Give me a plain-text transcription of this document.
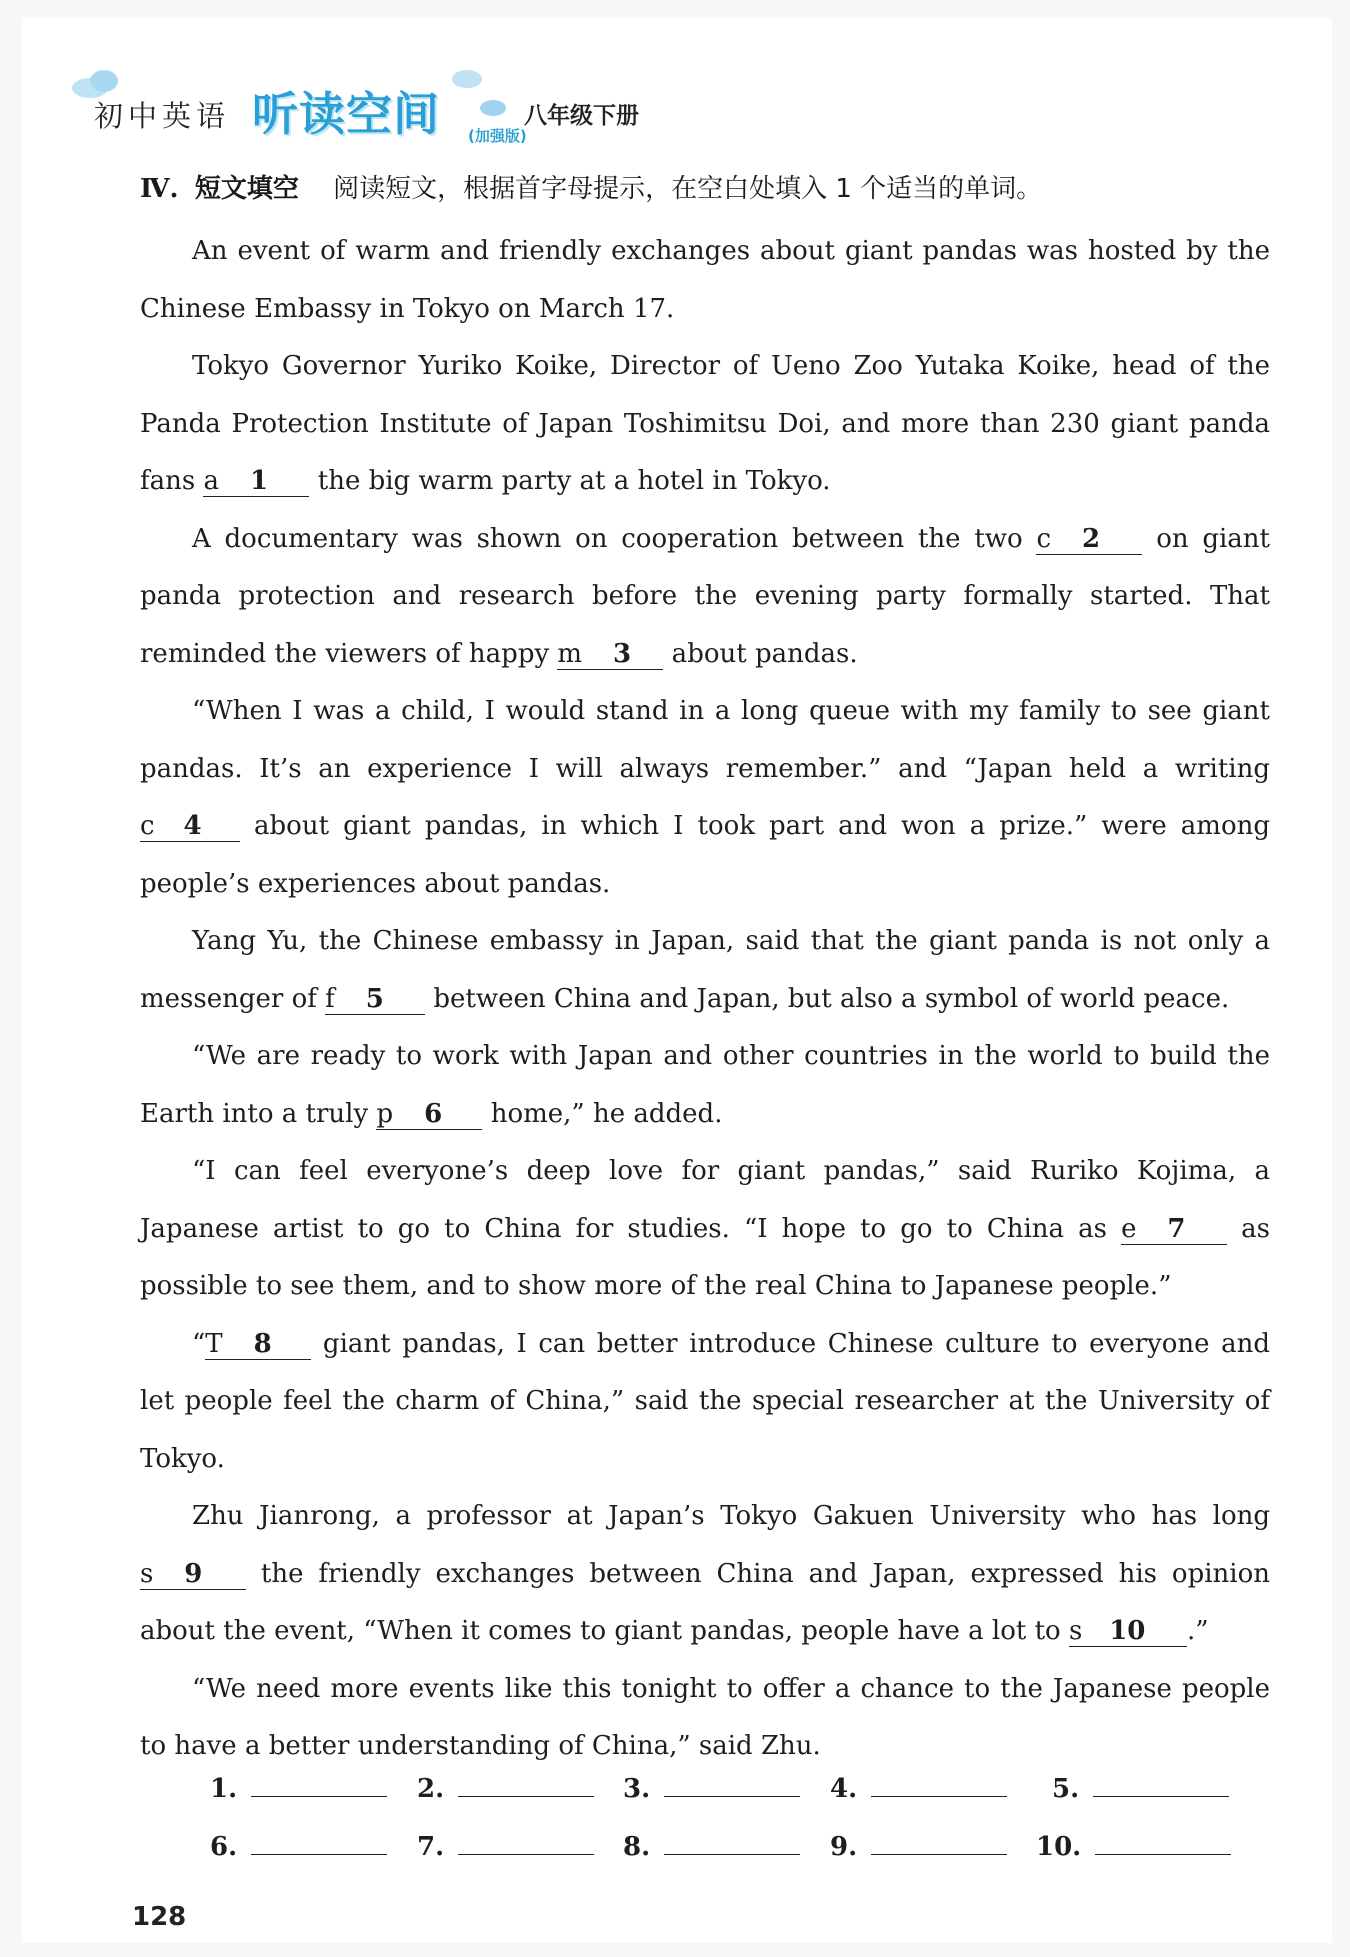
初中英语 听读空间 (加强版)
八年级下册
Ⅳ. 短文填空 阅读短文，根据首字母提示，在空白处填入 1 个适当的单词。

An event of warm and friendly exchanges about giant pandas was hosted by the Chinese Embassy in Tokyo on March 17.

Tokyo Governor Yuriko Koike, Director of Ueno Zoo Yutaka Koike, head of the Panda Protection Institute of Japan Toshimitsu Doi, and more than 230 giant panda fans a 1 the big warm party at a hotel in Tokyo.

A documentary was shown on cooperation between the two c 2 on giant panda protection and research before the evening party formally started. That reminded the viewers of happy m 3 about pandas.

“When I was a child, I would stand in a long queue with my family to see giant pandas. It’s an experience I will always remember.” and “Japan held a writing c 4 about giant pandas, in which I took part and won a prize.” were among people’s experiences about pandas.

Yang Yu, the Chinese embassy in Japan, said that the giant panda is not only a messenger of f 5 between China and Japan, but also a symbol of world peace.

“We are ready to work with Japan and other countries in the world to build the Earth into a truly p 6 home,” he added.

“I can feel everyone’s deep love for giant pandas,” said Ruriko Kojima, a Japanese artist to go to China for studies. “I hope to go to China as e 7 as possible to see them, and to show more of the real China to Japanese people.”

“T 8 giant pandas, I can better introduce Chinese culture to everyone and let people feel the charm of China,” said the special researcher at the University of Tokyo.

Zhu Jianrong, a professor at Japan’s Tokyo Gakuen University who has long s 9 the friendly exchanges between China and Japan, expressed his opinion about the event, “When it comes to giant pandas, people have a lot to s 10 .”

“We need more events like this tonight to offer a chance to the Japanese people to have a better understanding of China,” said Zhu.

1.	2.	3.	4.	5.
6.	7.	8.	9.	10.
128
